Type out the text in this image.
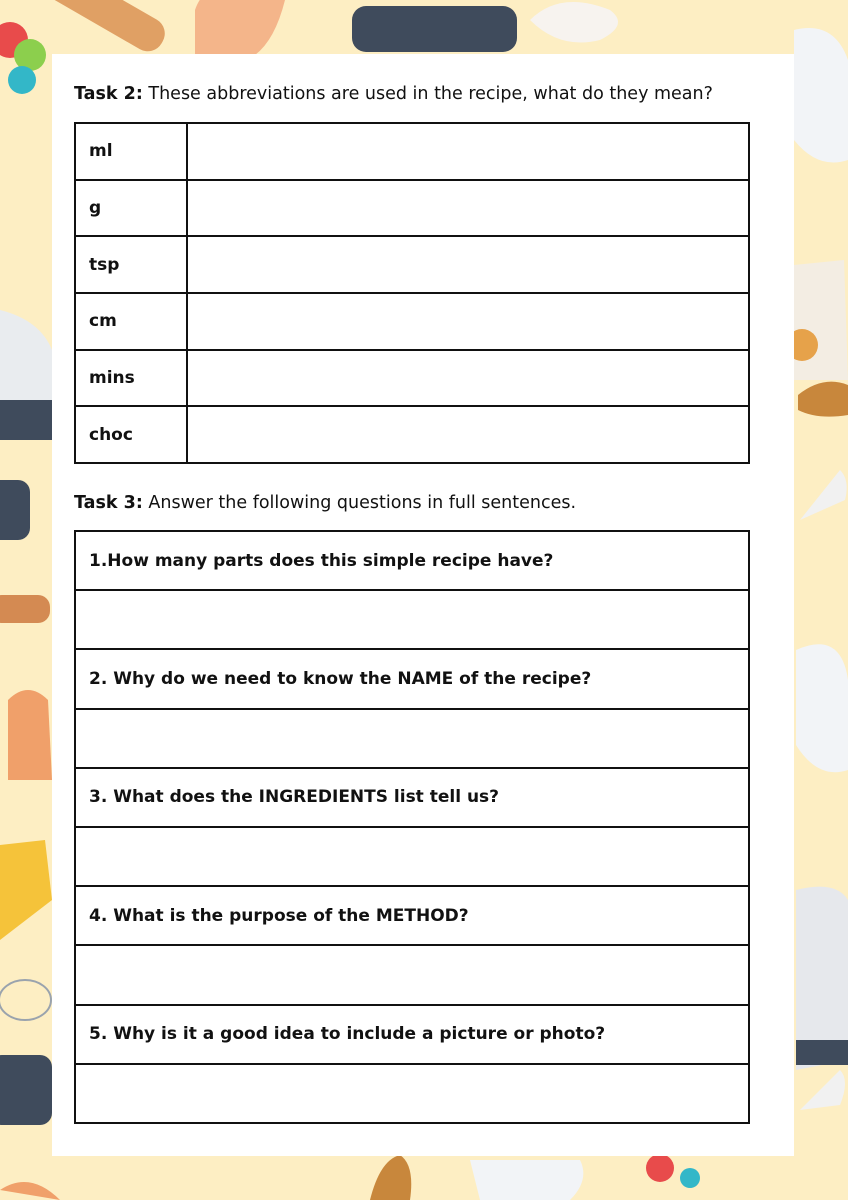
Task 2: These abbreviations are used in the recipe, what do they mean?

ml	
g	
tsp	
cm	
mins	
choc	

Task 3: Answer the following questions in full sentences.

1.How many parts does this simple recipe have?

2. Why do we need to know the NAME of the recipe?

3. What does the INGREDIENTS list tell us?

4. What is the purpose of the METHOD?

5. Why is it a good idea to include a picture or photo?
